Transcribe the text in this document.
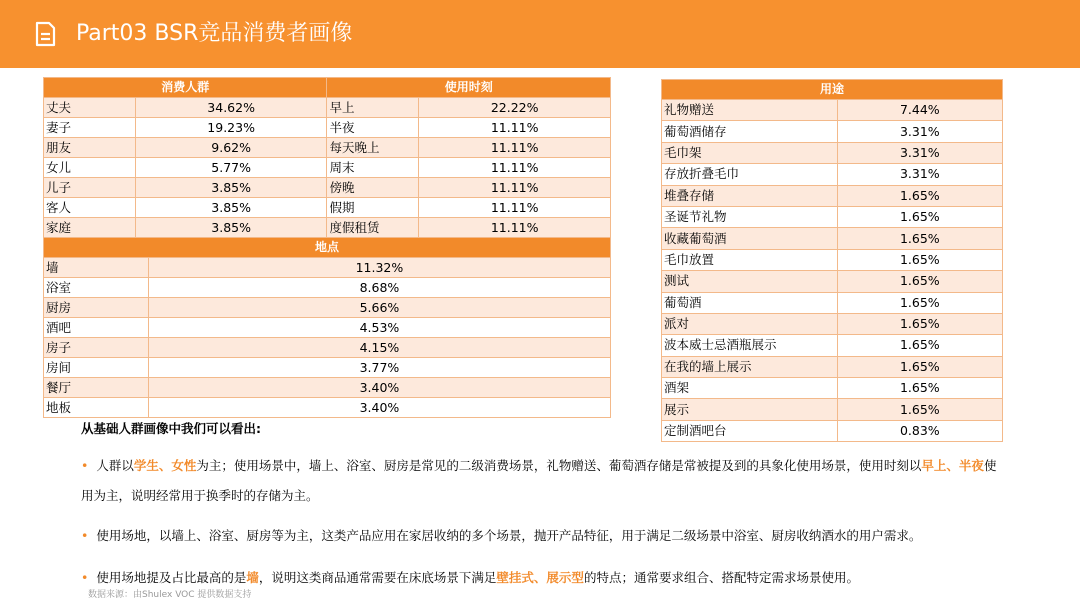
Part03 BSR竞品消费者画像
消费人群		使用时刻	
丈夫	34.62%	早上	22.22%
妻子	19.23%	半夜	11.11%
朋友	9.62%	每天晚上	11.11%
女儿	5.77%	周末	11.11%
儿子	3.85%	傍晚	11.11%
客人	3.85%	假期	11.11%
家庭	3.85%	度假租赁	11.11%
地点	
墙	11.32%
浴室	8.68%
厨房	5.66%
酒吧	4.53%
房子	4.15%
房间	3.77%
餐厅	3.40%
地板	3.40%
用途	
礼物赠送	7.44%
葡萄酒储存	3.31%
毛巾架	3.31%
存放折叠毛巾	3.31%
堆叠存储	1.65%
圣诞节礼物	1.65%
收藏葡萄酒	1.65%
毛巾放置	1.65%
测试	1.65%
葡萄酒	1.65%
派对	1.65%
波本威士忌酒瓶展示	1.65%
在我的墙上展示	1.65%
酒架	1.65%
展示	1.65%
定制酒吧台	0.83%
从基础人群画像中我们可以看出:
• 人群以学生、女性为主；使用场景中，墙上、浴室、厨房是常见的二级消费场景，礼物赠送、葡萄酒存储是常被提及到的具象化使用场景，使用时刻以早上、半夜使用为主，说明经常用于换季时的存储为主。
• 使用场地，以墙上、浴室、厨房等为主，这类产品应用在家居收纳的多个场景，抛开产品特征，用于满足二级场景中浴室、厨房收纳酒水的用户需求。
• 使用场地提及占比最高的是墙，说明这类商品通常需要在床底场景下满足壁挂式、展示型的特点；通常要求组合、搭配特定需求场景使用。
数据来源：由Shulex VOC 提供数据支持
